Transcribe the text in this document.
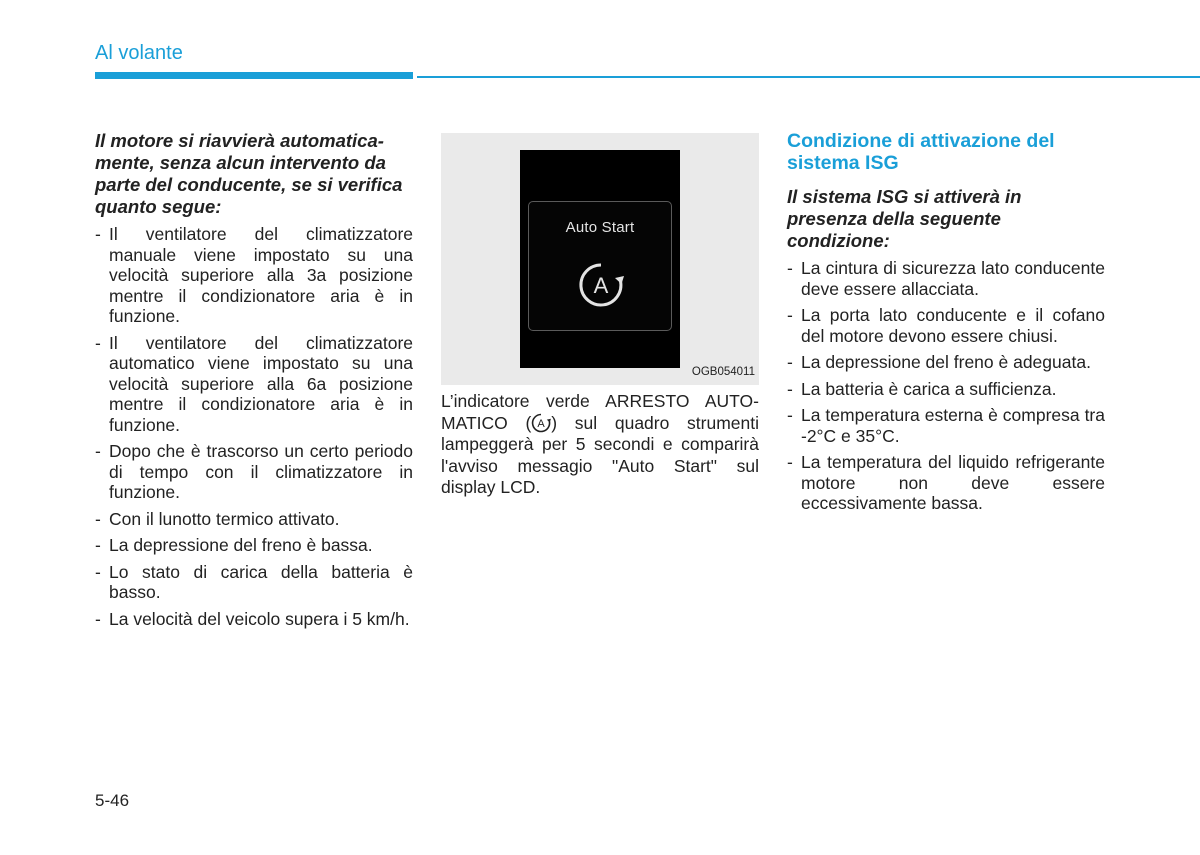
Al volante

Il motore si riavvierà automaticamente, senza alcun intervento da parte del conducente, se si verifica quanto segue:

- Il ventilatore del climatizzatore manuale viene impostato su una velocità superiore alla 3a posizione mentre il condizionatore aria è in funzione.
- Il ventilatore del climatizzatore automatico viene impostato su una velocità superiore alla 6a posizione mentre il condizionatore aria è in funzione.
- Dopo che è trascorso un certo periodo di tempo con il climatizzatore in funzione.
- Con il lunotto termico attivato.
- La depressione del freno è bassa.
- Lo stato di carica della batteria è basso.
- La velocità del veicolo supera i 5 km/h.
Auto Start
A
OGB054011
L’indicatore verde ARRESTO AUTOMATICO ( A ) sul quadro strumenti lampeggerà per 5 secondi e comparirà l'avviso messagio "Auto Start" sul display LCD.

Condizione di attivazione del sistema ISG

Il sistema ISG si attiverà in presenza della seguente condizione:

- La cintura di sicurezza lato conducente deve essere allacciata.
- La porta lato conducente e il cofano del motore devono essere chiusi.
- La depressione del freno è adeguata.
- La batteria è carica a sufficienza.
- La temperatura esterna è compresa tra -2°C e 35°C.
- La temperatura del liquido refrigerante motore non deve essere eccessivamente bassa.
5-46
